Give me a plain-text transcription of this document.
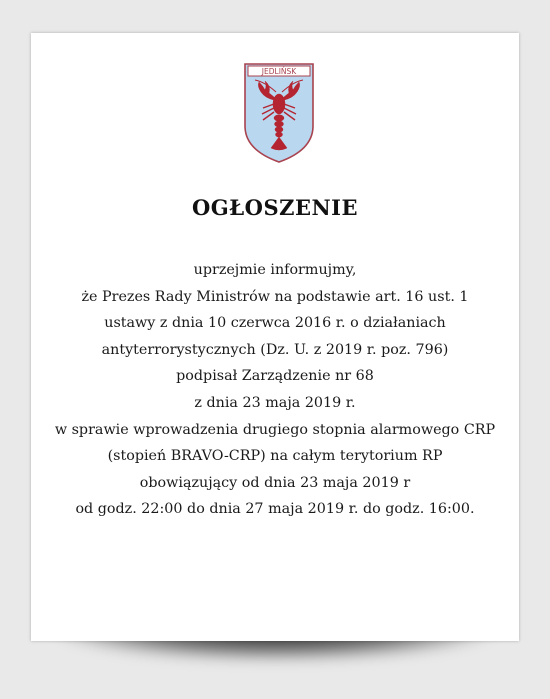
JEDLIŃSK
OGŁOSZENIE
uprzejmie informujmy,
że Prezes Rady Ministrów na podstawie art. 16 ust. 1
ustawy z dnia 10 czerwca 2016 r. o działaniach
antyterrorystycznych (Dz. U. z 2019 r. poz. 796)
podpisał Zarządzenie nr 68
z dnia 23 maja 2019 r.
w sprawie wprowadzenia drugiego stopnia alarmowego CRP
(stopień BRAVO-CRP) na całym terytorium RP
obowiązujący od dnia 23 maja 2019 r
od godz. 22:00 do dnia 27 maja 2019 r. do godz. 16:00.
